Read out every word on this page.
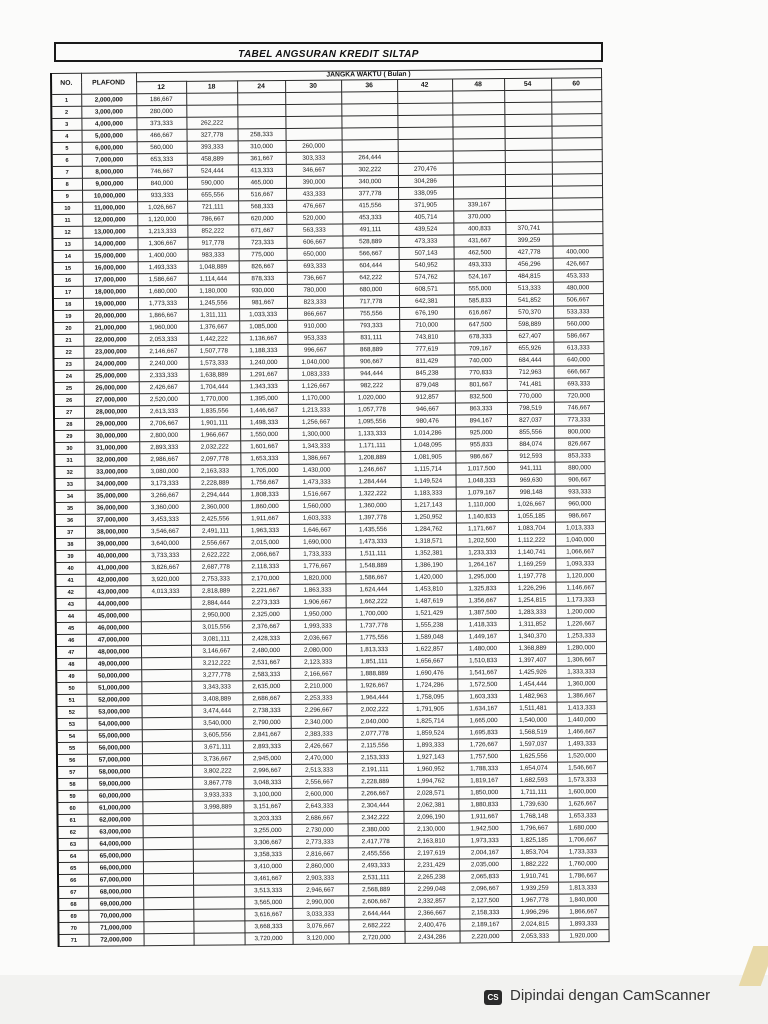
TABEL ANGSURAN KREDIT SILTAP
NO.	PLAFOND	JANGKA WAKTU ( Bulan )								
		12	18	24	30	36	42	48	54	60
1	2,000,000	186,667								
2	3,000,000	280,000								
3	4,000,000	373,333	262,222							
4	5,000,000	466,667	327,778	258,333						
5	6,000,000	560,000	393,333	310,000	260,000					
6	7,000,000	653,333	458,889	361,667	303,333	264,444				
7	8,000,000	746,667	524,444	413,333	346,667	302,222	270,476			
8	9,000,000	840,000	590,000	465,000	390,000	340,000	304,286			
9	10,000,000	933,333	655,556	516,667	433,333	377,778	338,095			
10	11,000,000	1,026,667	721,111	568,333	476,667	415,556	371,905	339,167		
11	12,000,000	1,120,000	786,667	620,000	520,000	453,333	405,714	370,000		
12	13,000,000	1,213,333	852,222	671,667	563,333	491,111	439,524	400,833	370,741	
13	14,000,000	1,306,667	917,778	723,333	606,667	528,889	473,333	431,667	399,259	
14	15,000,000	1,400,000	983,333	775,000	650,000	566,667	507,143	462,500	427,778	400,000
15	16,000,000	1,493,333	1,048,889	826,667	693,333	604,444	540,952	493,333	456,296	426,667
16	17,000,000	1,586,667	1,114,444	878,333	736,667	642,222	574,762	524,167	484,815	453,333
17	18,000,000	1,680,000	1,180,000	930,000	780,000	680,000	608,571	555,000	513,333	480,000
18	19,000,000	1,773,333	1,245,556	981,667	823,333	717,778	642,381	585,833	541,852	506,667
19	20,000,000	1,866,667	1,311,111	1,033,333	866,667	755,556	676,190	616,667	570,370	533,333
20	21,000,000	1,960,000	1,376,667	1,085,000	910,000	793,333	710,000	647,500	598,889	560,000
21	22,000,000	2,053,333	1,442,222	1,136,667	953,333	831,111	743,810	678,333	627,407	586,667
22	23,000,000	2,146,667	1,507,778	1,188,333	996,667	868,889	777,619	709,167	655,926	613,333
23	24,000,000	2,240,000	1,573,333	1,240,000	1,040,000	906,667	811,429	740,000	684,444	640,000
24	25,000,000	2,333,333	1,638,889	1,291,667	1,083,333	944,444	845,238	770,833	712,963	666,667
25	26,000,000	2,426,667	1,704,444	1,343,333	1,126,667	982,222	879,048	801,667	741,481	693,333
26	27,000,000	2,520,000	1,770,000	1,395,000	1,170,000	1,020,000	912,857	832,500	770,000	720,000
27	28,000,000	2,613,333	1,835,556	1,446,667	1,213,333	1,057,778	946,667	863,333	798,519	746,667
28	29,000,000	2,706,667	1,901,111	1,498,333	1,256,667	1,095,556	980,476	894,167	827,037	773,333
29	30,000,000	2,800,000	1,966,667	1,550,000	1,300,000	1,133,333	1,014,286	925,000	855,556	800,000
30	31,000,000	2,893,333	2,032,222	1,601,667	1,343,333	1,171,111	1,048,095	955,833	884,074	826,667
31	32,000,000	2,986,667	2,097,778	1,653,333	1,386,667	1,208,889	1,081,905	986,667	912,593	853,333
32	33,000,000	3,080,000	2,163,333	1,705,000	1,430,000	1,246,667	1,115,714	1,017,500	941,111	880,000
33	34,000,000	3,173,333	2,228,889	1,756,667	1,473,333	1,284,444	1,149,524	1,048,333	969,630	906,667
34	35,000,000	3,266,667	2,294,444	1,808,333	1,516,667	1,322,222	1,183,333	1,079,167	998,148	933,333
35	36,000,000	3,360,000	2,360,000	1,860,000	1,560,000	1,360,000	1,217,143	1,110,000	1,026,667	960,000
36	37,000,000	3,453,333	2,425,556	1,911,667	1,603,333	1,397,778	1,250,952	1,140,833	1,055,185	986,667
37	38,000,000	3,546,667	2,491,111	1,963,333	1,646,667	1,435,556	1,284,762	1,171,667	1,083,704	1,013,333
38	39,000,000	3,640,000	2,556,667	2,015,000	1,690,000	1,473,333	1,318,571	1,202,500	1,112,222	1,040,000
39	40,000,000	3,733,333	2,622,222	2,066,667	1,733,333	1,511,111	1,352,381	1,233,333	1,140,741	1,066,667
40	41,000,000	3,826,667	2,687,778	2,118,333	1,776,667	1,548,889	1,386,190	1,264,167	1,169,259	1,093,333
41	42,000,000	3,920,000	2,753,333	2,170,000	1,820,000	1,586,667	1,420,000	1,295,000	1,197,778	1,120,000
42	43,000,000	4,013,333	2,818,889	2,221,667	1,863,333	1,624,444	1,453,810	1,325,833	1,226,296	1,146,667
43	44,000,000		2,884,444	2,273,333	1,906,667	1,662,222	1,487,619	1,356,667	1,254,815	1,173,333
44	45,000,000		2,950,000	2,325,000	1,950,000	1,700,000	1,521,429	1,387,500	1,283,333	1,200,000
45	46,000,000		3,015,556	2,376,667	1,993,333	1,737,778	1,555,238	1,418,333	1,311,852	1,226,667
46	47,000,000		3,081,111	2,428,333	2,036,667	1,775,556	1,589,048	1,449,167	1,340,370	1,253,333
47	48,000,000		3,146,667	2,480,000	2,080,000	1,813,333	1,622,857	1,480,000	1,368,889	1,280,000
48	49,000,000		3,212,222	2,531,667	2,123,333	1,851,111	1,656,667	1,510,833	1,397,407	1,306,667
49	50,000,000		3,277,778	2,583,333	2,166,667	1,888,889	1,690,476	1,541,667	1,425,926	1,333,333
50	51,000,000		3,343,333	2,635,000	2,210,000	1,926,667	1,724,286	1,572,500	1,454,444	1,360,000
51	52,000,000		3,408,889	2,686,667	2,253,333	1,964,444	1,758,095	1,603,333	1,482,963	1,386,667
52	53,000,000		3,474,444	2,738,333	2,296,667	2,002,222	1,791,905	1,634,167	1,511,481	1,413,333
53	54,000,000		3,540,000	2,790,000	2,340,000	2,040,000	1,825,714	1,665,000	1,540,000	1,440,000
54	55,000,000		3,605,556	2,841,667	2,383,333	2,077,778	1,859,524	1,695,833	1,568,519	1,466,667
55	56,000,000		3,671,111	2,893,333	2,426,667	2,115,556	1,893,333	1,726,667	1,597,037	1,493,333
56	57,000,000		3,736,667	2,945,000	2,470,000	2,153,333	1,927,143	1,757,500	1,625,556	1,520,000
57	58,000,000		3,802,222	2,996,667	2,513,333	2,191,111	1,960,952	1,788,333	1,654,074	1,546,667
58	59,000,000		3,867,778	3,048,333	2,556,667	2,228,889	1,994,762	1,819,167	1,682,593	1,573,333
59	60,000,000		3,933,333	3,100,000	2,600,000	2,266,667	2,028,571	1,850,000	1,711,111	1,600,000
60	61,000,000		3,998,889	3,151,667	2,643,333	2,304,444	2,062,381	1,880,833	1,739,630	1,626,667
61	62,000,000			3,203,333	2,686,667	2,342,222	2,096,190	1,911,667	1,768,148	1,653,333
62	63,000,000			3,255,000	2,730,000	2,380,000	2,130,000	1,942,500	1,796,667	1,680,000
63	64,000,000			3,306,667	2,773,333	2,417,778	2,163,810	1,973,333	1,825,185	1,706,667
64	65,000,000			3,358,333	2,816,667	2,455,556	2,197,619	2,004,167	1,853,704	1,733,333
65	66,000,000			3,410,000	2,860,000	2,493,333	2,231,429	2,035,000	1,882,222	1,760,000
66	67,000,000			3,461,667	2,903,333	2,531,111	2,265,238	2,065,833	1,910,741	1,786,667
67	68,000,000			3,513,333	2,946,667	2,568,889	2,299,048	2,096,667	1,939,259	1,813,333
68	69,000,000			3,565,000	2,990,000	2,606,667	2,332,857	2,127,500	1,967,778	1,840,000
69	70,000,000			3,616,667	3,033,333	2,644,444	2,366,667	2,158,333	1,996,296	1,866,667
70	71,000,000			3,668,333	3,076,667	2,682,222	2,400,476	2,189,167	2,024,815	1,893,333
71	72,000,000			3,720,000	3,120,000	2,720,000	2,434,286	2,220,000	2,053,333	1,920,000
CS Dipindai dengan CamScanner
